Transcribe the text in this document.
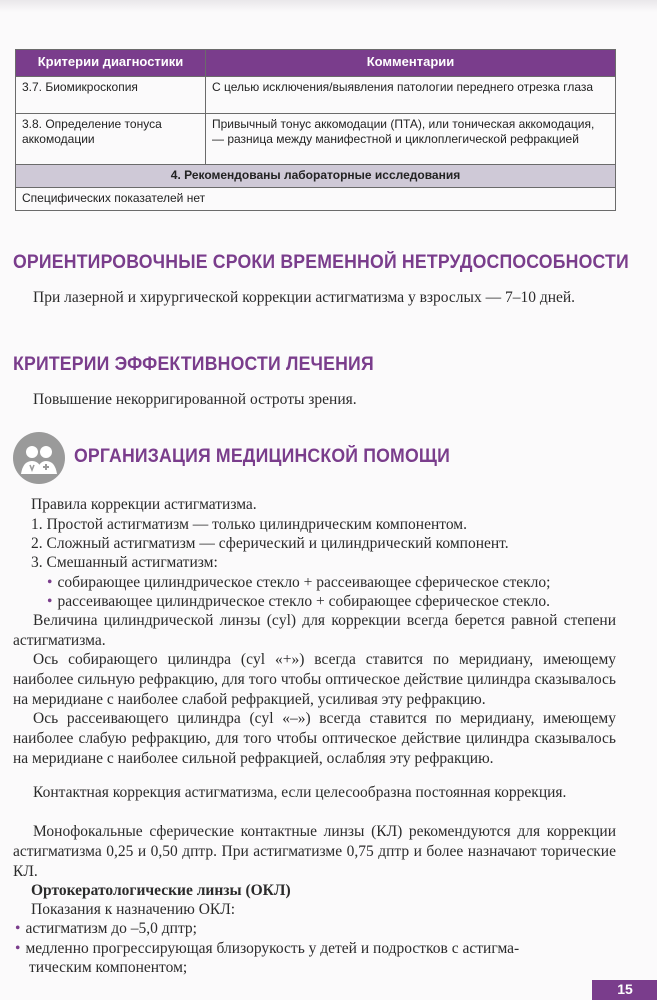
Критерии диагностики	Комментарии
3.7. Биомикроскопия	С целью исключения/выявления патологии переднего отрезка глаза
3.8. Определение тонуса аккомодации	Привычный тонус аккомодации (ПТА), или тоническая аккомодация, — разница между манифестной и циклоплегической рефракцией
4. Рекомендованы лабораторные исследования	
Специфических показателей нет	
ОРИЕНТИРОВОЧНЫЕ СРОКИ ВРЕМЕННОЙ НЕТРУДОСПОСОБНОСТИ

При лазерной и хирургической коррекции астигматизма у взрослых — 7–10 дней.

КРИТЕРИИ ЭФФЕКТИВНОСТИ ЛЕЧЕНИЯ

Повышение некорригированной остроты зрения.

ОРГАНИЗАЦИЯ МЕДИЦИНСКОЙ ПОМОЩИ

Правила коррекции астигматизма.

1. Простой астигматизм — только цилиндрическим компонентом.

2. Сложный астигматизм — сферический и цилиндрический компонент.

3. Смешанный астигматизм:

• собирающее цилиндрическое стекло + рассеивающее сферическое стекло;

• рассеивающее цилиндрическое стекло + собирающее сферическое стекло.

Величина цилиндрической линзы (cyl) для коррекции всегда берется равной степени астигматизма.

Ось собирающего цилиндра (cyl «+») всегда ставится по меридиану, имеющему наиболее сильную рефракцию, для того чтобы оптическое действие цилиндра сказывалось на меридиане с наиболее слабой рефракцией, усиливая эту рефракцию.

Ось рассеивающего цилиндра (cyl «–») всегда ставится по меридиану, имеющему наиболее слабую рефракцию, для того чтобы оптическое действие цилиндра сказывалось на меридиане с наиболее сильной рефракцией, ослабляя эту рефракцию.

Контактная коррекция астигматизма, если целесообразна постоянная коррекция.

Монофокальные сферические контактные линзы (КЛ) рекомендуются для коррекции астигматизма 0,25 и 0,50 дптр. При астигматизме 0,75 дптр и более назначают торические КЛ.

Ортокератологические линзы (ОКЛ)

Показания к назначению ОКЛ:

• астигматизм до –5,0 дптр;

• медленно прогрессирующая близорукость у детей и подростков с астигма-

тическим компонентом;

15
